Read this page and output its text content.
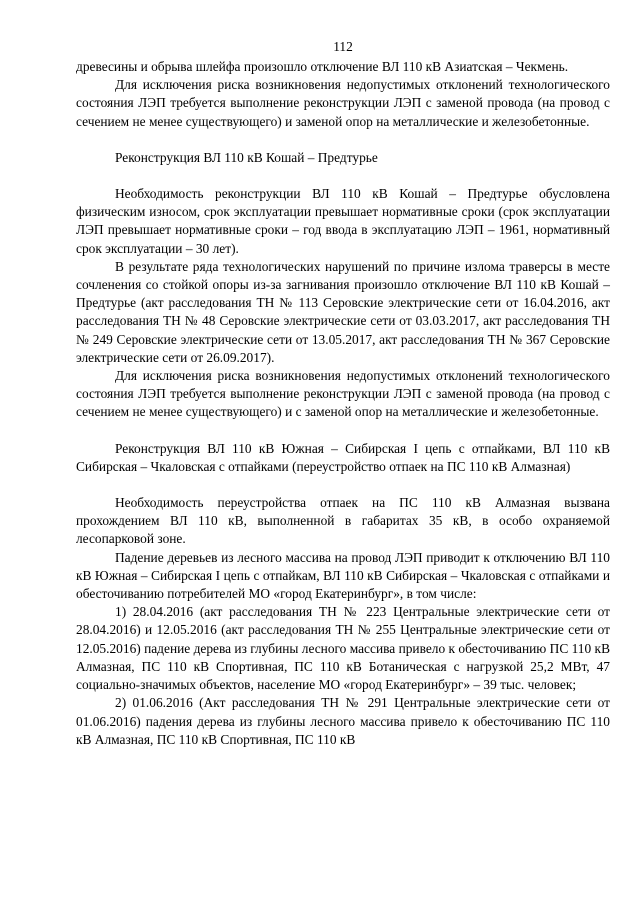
112

древесины и обрыва шлейфа произошло отключение ВЛ 110 кВ Азиатская – Чекмень.

Для исключения риска возникновения недопустимых отклонений технологического состояния ЛЭП требуется выполнение реконструкции ЛЭП с заменой провода (на провод с сечением не менее существующего) и заменой опор на металлические и железобетонные.

Реконструкция ВЛ 110 кВ Кошай – Предтурье

Необходимость реконструкции ВЛ 110 кВ Кошай – Предтурье обусловлена физическим износом, срок эксплуатации превышает нормативные сроки (срок эксплуатации ЛЭП превышает нормативные сроки – год ввода в эксплуатацию ЛЭП – 1961, нормативный срок эксплуатации – 30 лет).

В результате ряда технологических нарушений по причине излома траверсы в месте сочленения со стойкой опоры из-за загнивания произошло отключение ВЛ 110 кВ Кошай – Предтурье (акт расследования ТН № 113 Серовские электрические сети от 16.04.2016, акт расследования ТН № 48 Серовские электрические сети от 03.03.2017, акт расследования ТН № 249 Серовские электрические сети от 13.05.2017, акт расследования ТН № 367 Серовские электрические сети от 26.09.2017).

Для исключения риска возникновения недопустимых отклонений технологического состояния ЛЭП требуется выполнение реконструкции ЛЭП с заменой провода (на провод с сечением не менее существующего) и с заменой опор на металлические и железобетонные.

Реконструкция ВЛ 110 кВ Южная – Сибирская I цепь с отпайками, ВЛ 110 кВ Сибирская – Чкаловская с отпайками (переустройство отпаек на ПС 110 кВ Алмазная)

Необходимость переустройства отпаек на ПС 110 кВ Алмазная вызвана прохождением ВЛ 110 кВ, выполненной в габаритах 35 кВ, в особо охраняемой лесопарковой зоне.

Падение деревьев из лесного массива на провод ЛЭП приводит к отключению ВЛ 110 кВ Южная – Сибирская I цепь с отпайкам, ВЛ 110 кВ Сибирская – Чкаловская с отпайками и обесточиванию потребителей МО «город Екатеринбург», в том числе:

1) 28.04.2016 (акт расследования ТН № 223 Центральные электрические сети от 28.04.2016) и 12.05.2016 (акт расследования ТН № 255 Центральные электрические сети от 12.05.2016) падение дерева из глубины лесного массива привело к обесточиванию ПС 110 кВ Алмазная, ПС 110 кВ Спортивная, ПС 110 кВ Ботаническая с нагрузкой 25,2 МВт, 47 социально-значимых объектов, население МО «город Екатеринбург» – 39 тыс. человек;

2) 01.06.2016 (Акт расследования ТН № 291 Центральные электрические сети от 01.06.2016) падения дерева из глубины лесного массива привело к обесточиванию ПС 110 кВ Алмазная, ПС 110 кВ Спортивная, ПС 110 кВ
